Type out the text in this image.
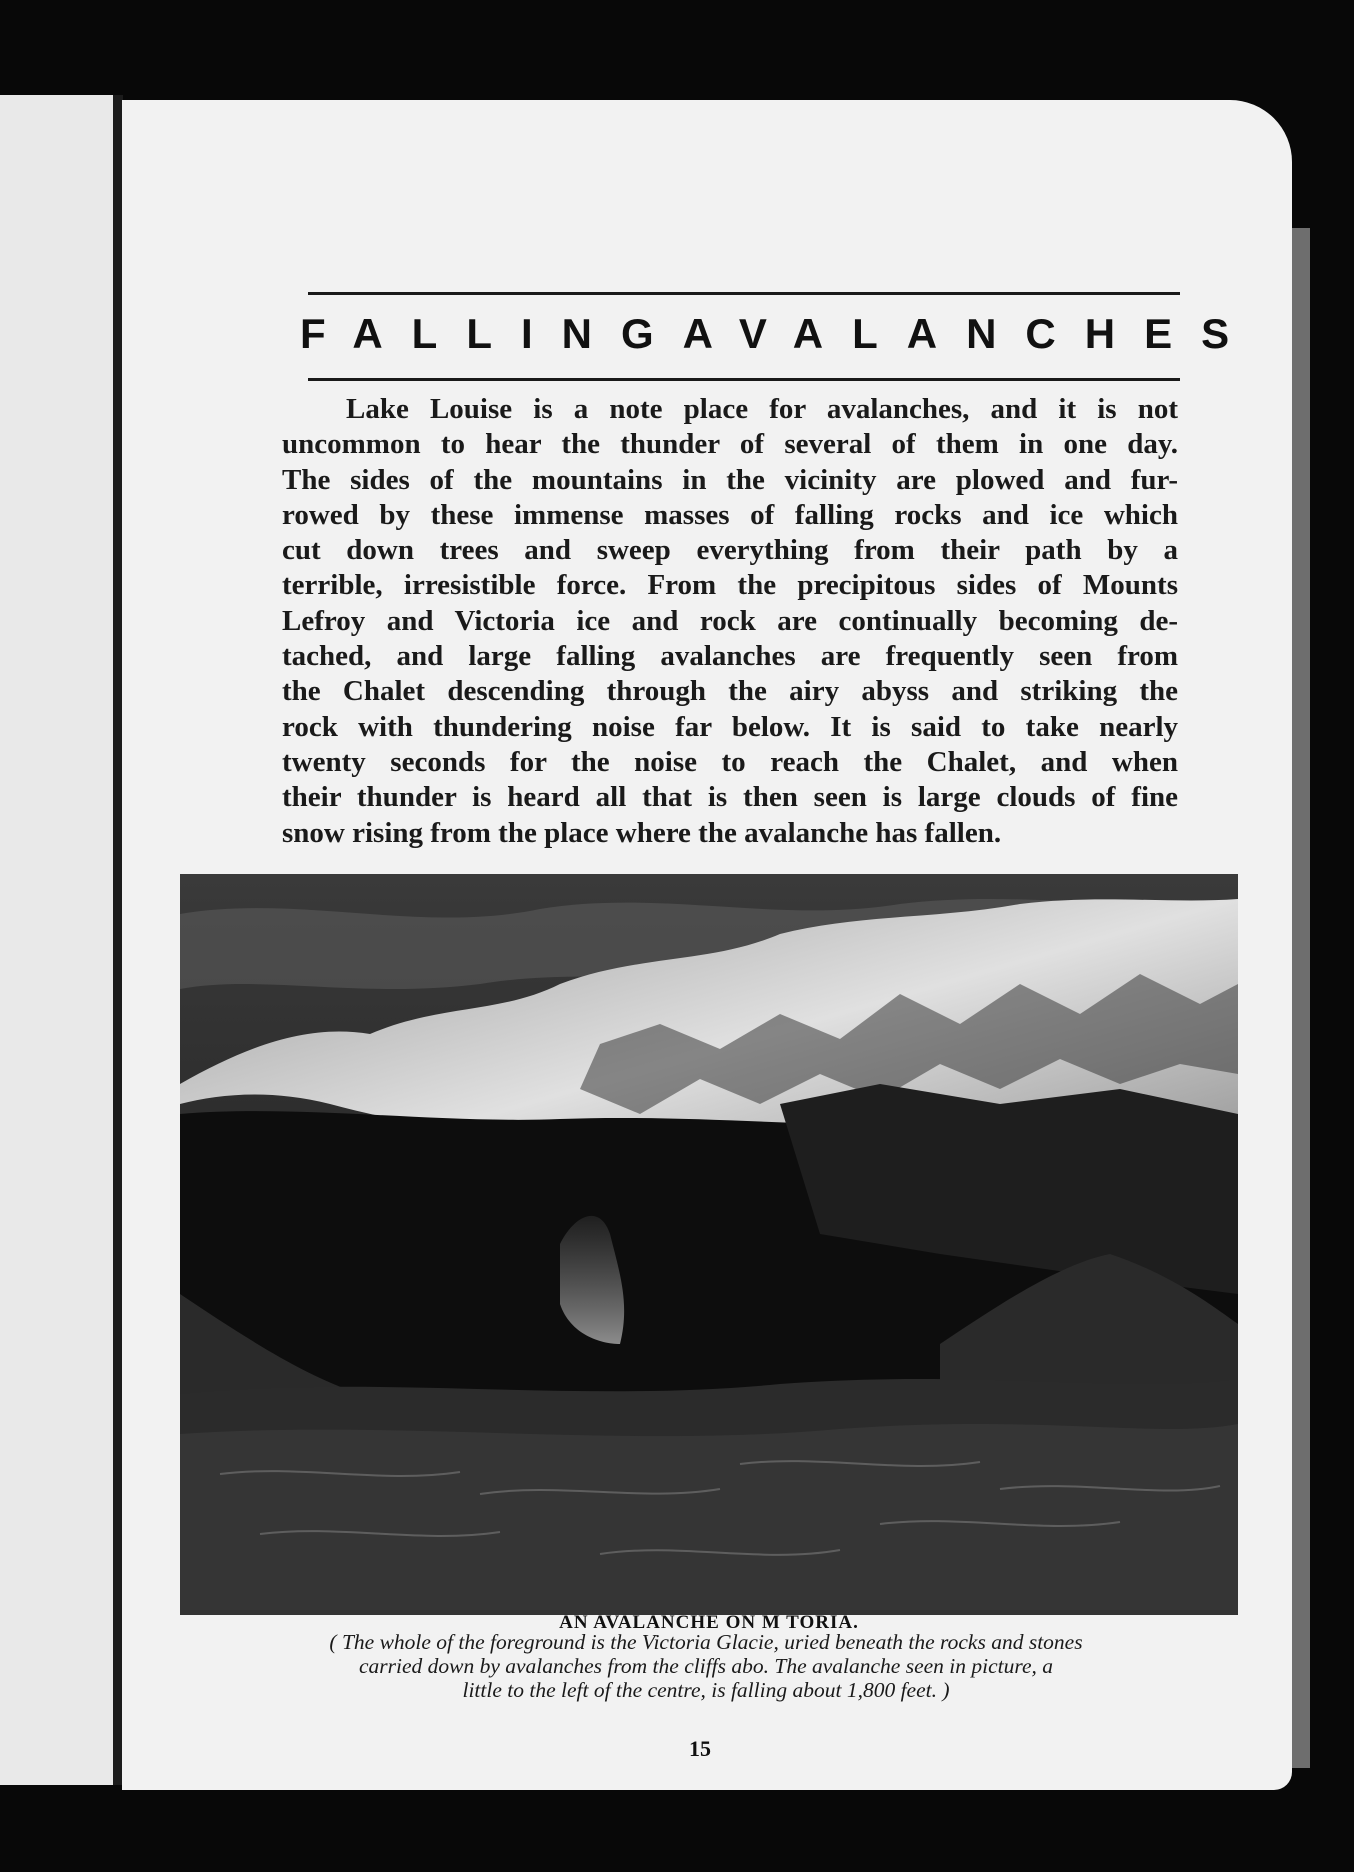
FALLING AVALANCHES
Lake Louise is a note place for avalanches, and it is not
uncommon to hear the thunder of several of them in one day.
The sides of the mountains in the vicinity are plowed and fur-
rowed by these immense masses of falling rocks and ice which
cut down trees and sweep everything from their path by a
terrible, irresistible force. From the precipitous sides of Mounts
Lefroy and Victoria ice and rock are continually becoming de-
tached, and large falling avalanches are frequently seen from
the Chalet descending through the airy abyss and striking the
rock with thundering noise far below. It is said to take nearly
twenty seconds for the noise to reach the Chalet, and when
their thunder is heard all that is then seen is large clouds of fine
snow rising from the place where the avalanche has fallen.
AN AVALANCHE ON M TORIA.
( The whole of the foreground is the Victoria Glacie, uried beneath the rocks and stones
carried down by avalanches from the cliffs abo. The avalanche seen in picture, a
little to the left of the centre, is falling about 1,800 feet. )
15
